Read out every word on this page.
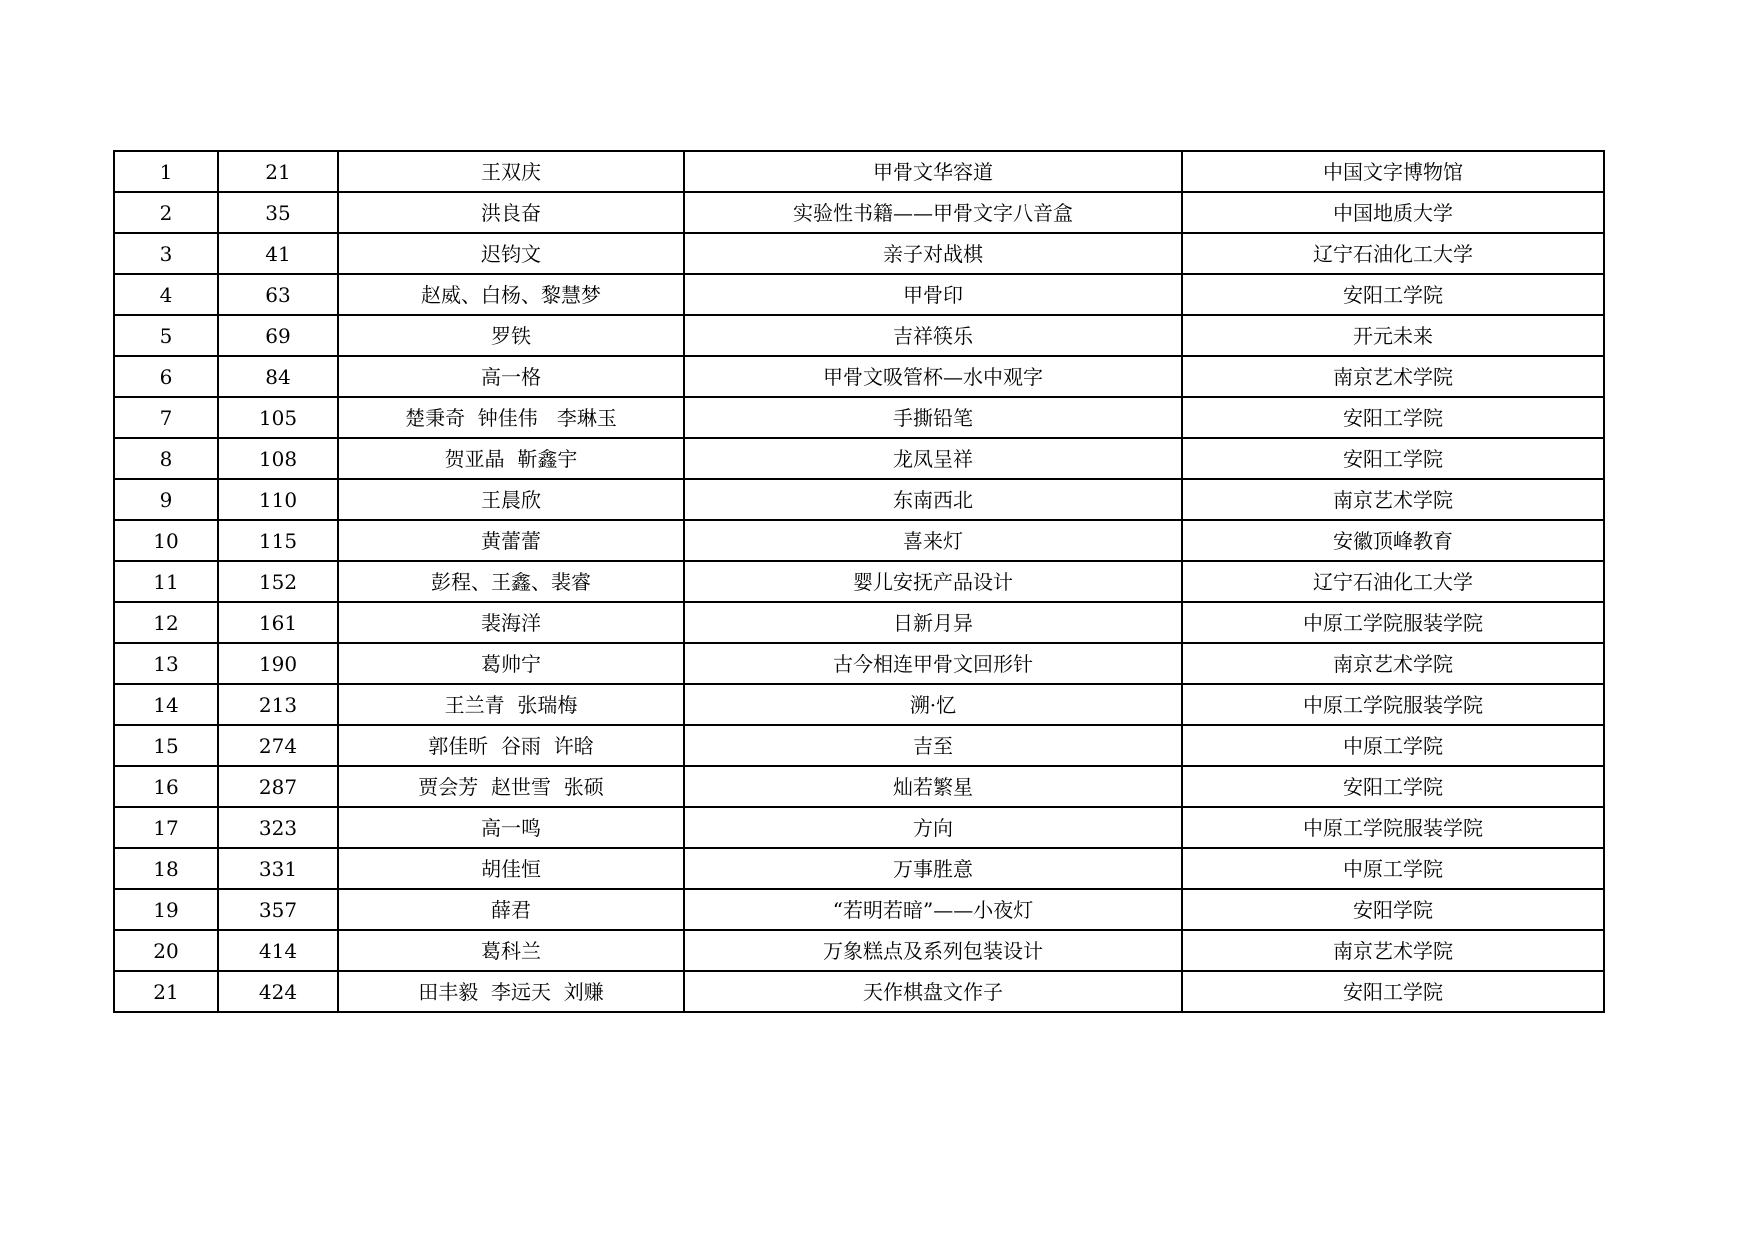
1	21	王双庆	甲骨文华容道	中国文字博物馆
2	35	洪良奋	实验性书籍——甲骨文字八音盒	中国地质大学
3	41	迟钧文	亲子对战棋	辽宁石油化工大学
4	63	赵威、白杨、黎慧梦	甲骨印	安阳工学院
5	69	罗铁	吉祥筷乐	开元未来
6	84	高一格	甲骨文吸管杯—水中观字	南京艺术学院
7	105	楚秉奇  钟佳伟   李琳玉	手撕铅笔	安阳工学院
8	108	贺亚晶  靳鑫宇	龙凤呈祥	安阳工学院
9	110	王晨欣	东南西北	南京艺术学院
10	115	黄蕾蕾	喜来灯	安徽顶峰教育
11	152	彭程、王鑫、裴睿	婴儿安抚产品设计	辽宁石油化工大学
12	161	裴海洋	日新月异	中原工学院服装学院
13	190	葛帅宁	古今相连甲骨文回形针	南京艺术学院
14	213	王兰青  张瑞梅	溯·忆	中原工学院服装学院
15	274	郭佳昕  谷雨  许晗	吉至	中原工学院
16	287	贾会芳  赵世雪  张硕	灿若繁星	安阳工学院
17	323	高一鸣	方向	中原工学院服装学院
18	331	胡佳恒	万事胜意	中原工学院
19	357	薛君	“若明若暗”——小夜灯	安阳学院
20	414	葛科兰	万象糕点及系列包装设计	南京艺术学院
21	424	田丰毅  李远天  刘赚	天作棋盘文作子	安阳工学院
